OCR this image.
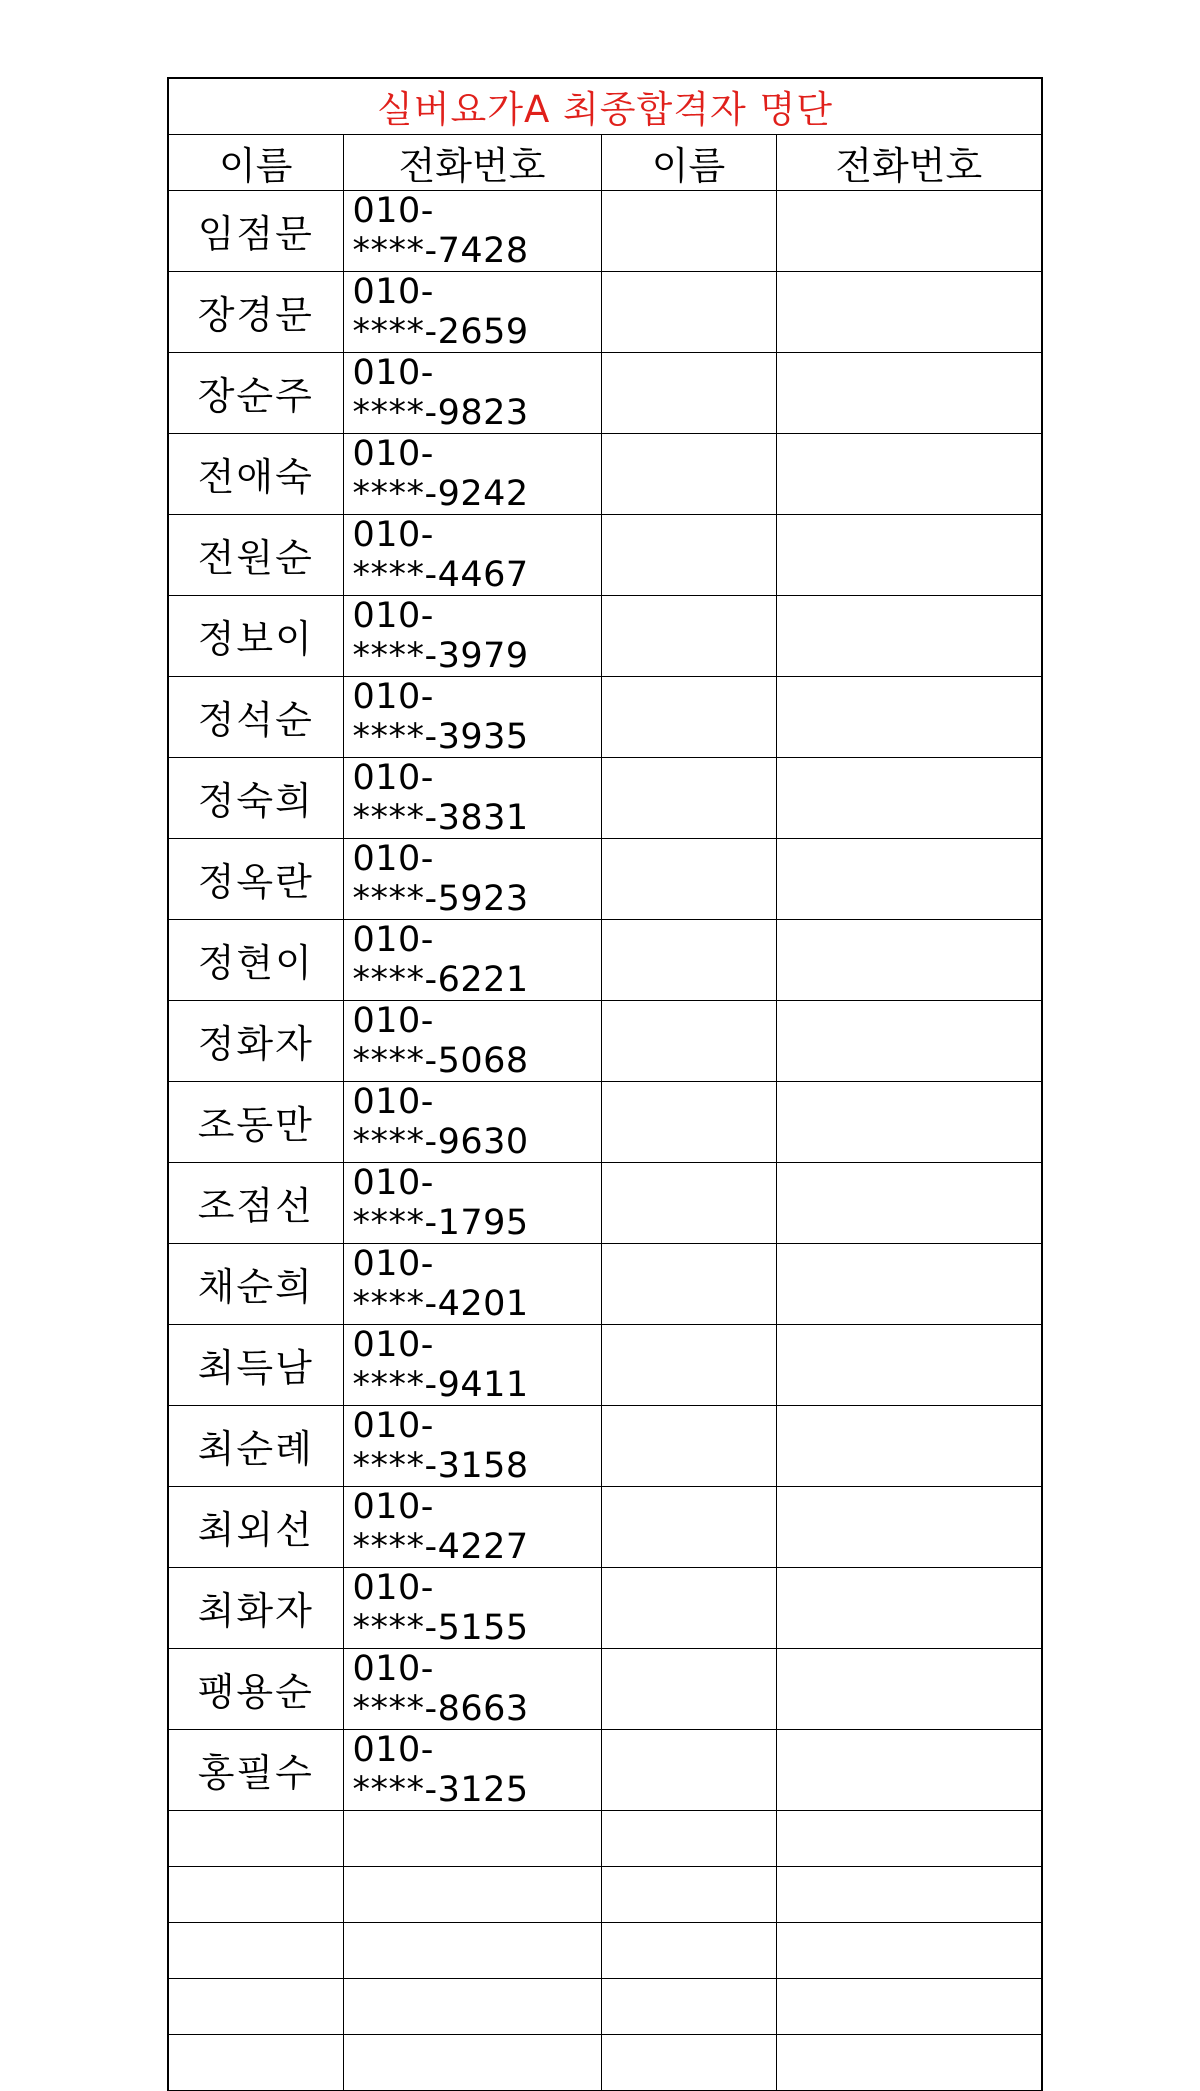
실버요가A 최종합격자 명단			
이름	전화번호	이름	전화번호
임점문	010-****-7428		
장경문	010-****-2659		
장순주	010-****-9823		
전애숙	010-****-9242		
전원순	010-****-4467		
정보이	010-****-3979		
정석순	010-****-3935		
정숙희	010-****-3831		
정옥란	010-****-5923		
정현이	010-****-6221		
정화자	010-****-5068		
조동만	010-****-9630		
조점선	010-****-1795		
채순희	010-****-4201		
최득남	010-****-9411		
최순례	010-****-3158		
최외선	010-****-4227		
최화자	010-****-5155		
팽용순	010-****-8663		
홍필수	010-****-3125		
